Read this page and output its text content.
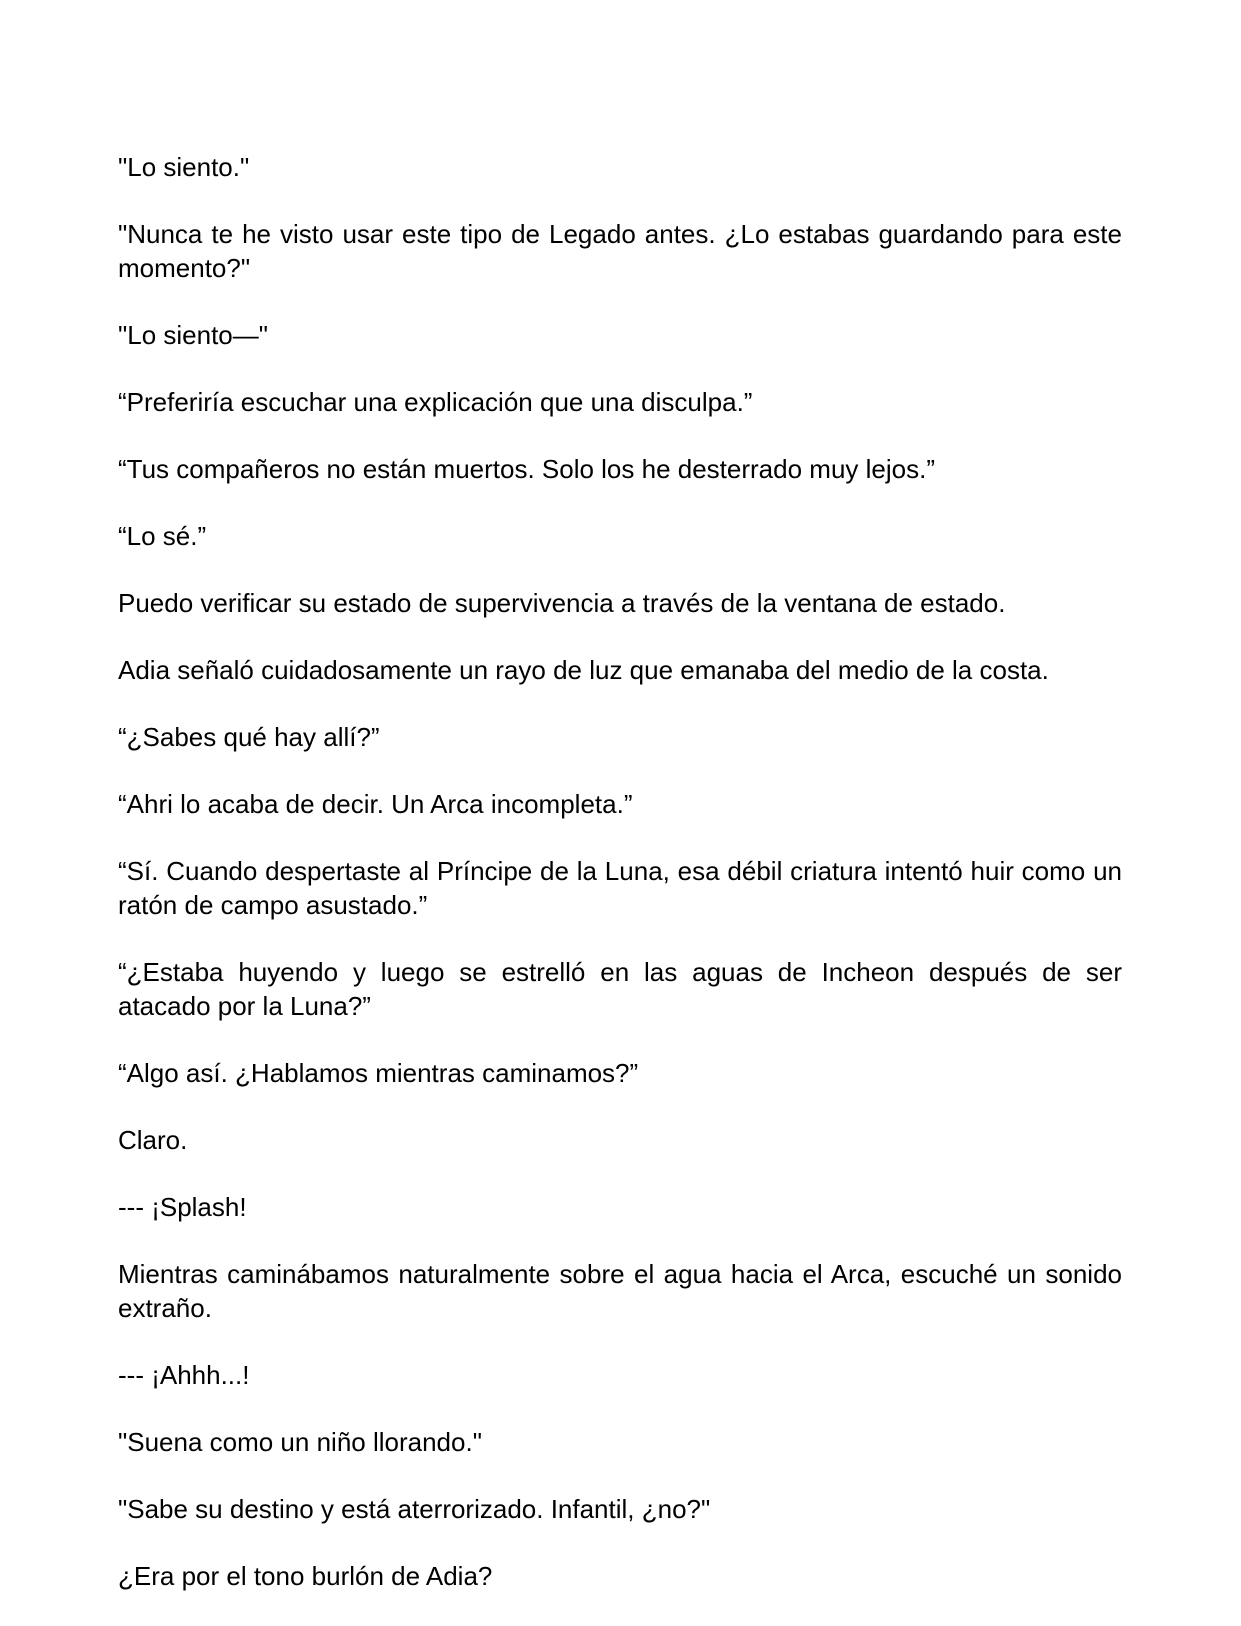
"Lo siento."

"Nunca te he visto usar este tipo de Legado antes. ¿Lo estabas guardando para este momento?"

"Lo siento—"

“Preferiría escuchar una explicación que una disculpa.”

“Tus compañeros no están muertos. Solo los he desterrado muy lejos.”

“Lo sé.”

Puedo verificar su estado de supervivencia a través de la ventana de estado.

Adia señaló cuidadosamente un rayo de luz que emanaba del medio de la costa.

“¿Sabes qué hay allí?”

“Ahri lo acaba de decir. Un Arca incompleta.”

“Sí. Cuando despertaste al Príncipe de la Luna, esa débil criatura intentó huir como un ratón de campo asustado.”

“¿Estaba huyendo y luego se estrelló en las aguas de Incheon después de ser atacado por la Luna?”

“Algo así. ¿Hablamos mientras caminamos?”

Claro.

--- ¡Splash!

Mientras caminábamos naturalmente sobre el agua hacia el Arca, escuché un sonido extraño.

--- ¡Ahhh...!

"Suena como un niño llorando."

"Sabe su destino y está aterrorizado. Infantil, ¿no?"

¿Era por el tono burlón de Adia?
